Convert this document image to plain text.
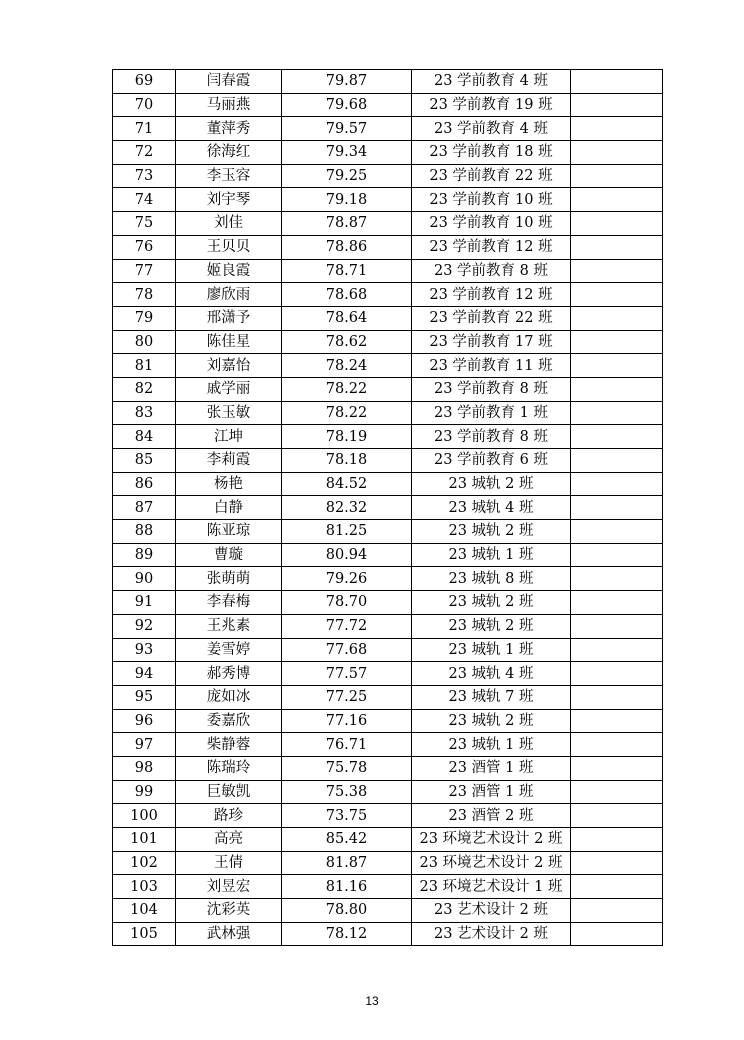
69	闫春霞	79.87	23 学前教育 4 班	
70	马丽燕	79.68	23 学前教育 19 班	
71	董萍秀	79.57	23 学前教育 4 班	
72	徐海红	79.34	23 学前教育 18 班	
73	李玉容	79.25	23 学前教育 22 班	
74	刘宇琴	79.18	23 学前教育 10 班	
75	刘佳	78.87	23 学前教育 10 班	
76	王贝贝	78.86	23 学前教育 12 班	
77	姬良霞	78.71	23 学前教育 8 班	
78	廖欣雨	78.68	23 学前教育 12 班	
79	邢潇予	78.64	23 学前教育 22 班	
80	陈佳星	78.62	23 学前教育 17 班	
81	刘嘉怡	78.24	23 学前教育 11 班	
82	戚学丽	78.22	23 学前教育 8 班	
83	张玉敏	78.22	23 学前教育 1 班	
84	江坤	78.19	23 学前教育 8 班	
85	李莉霞	78.18	23 学前教育 6 班	
86	杨艳	84.52	23 城轨 2 班	
87	白静	82.32	23 城轨 4 班	
88	陈亚琼	81.25	23 城轨 2 班	
89	曹璇	80.94	23 城轨 1 班	
90	张萌萌	79.26	23 城轨 8 班	
91	李春梅	78.70	23 城轨 2 班	
92	王兆素	77.72	23 城轨 2 班	
93	姜雪婷	77.68	23 城轨 1 班	
94	郝秀博	77.57	23 城轨 4 班	
95	庞如冰	77.25	23 城轨 7 班	
96	委嘉欣	77.16	23 城轨 2 班	
97	柴静蓉	76.71	23 城轨 1 班	
98	陈瑞玲	75.78	23 酒管 1 班	
99	巨敏凯	75.38	23 酒管 1 班	
100	路珍	73.75	23 酒管 2 班	
101	高亮	85.42	23 环境艺术设计 2 班	
102	王倩	81.87	23 环境艺术设计 2 班	
103	刘昱宏	81.16	23 环境艺术设计 1 班	
104	沈彩英	78.80	23 艺术设计 2 班	
105	武林强	78.12	23 艺术设计 2 班	
13
